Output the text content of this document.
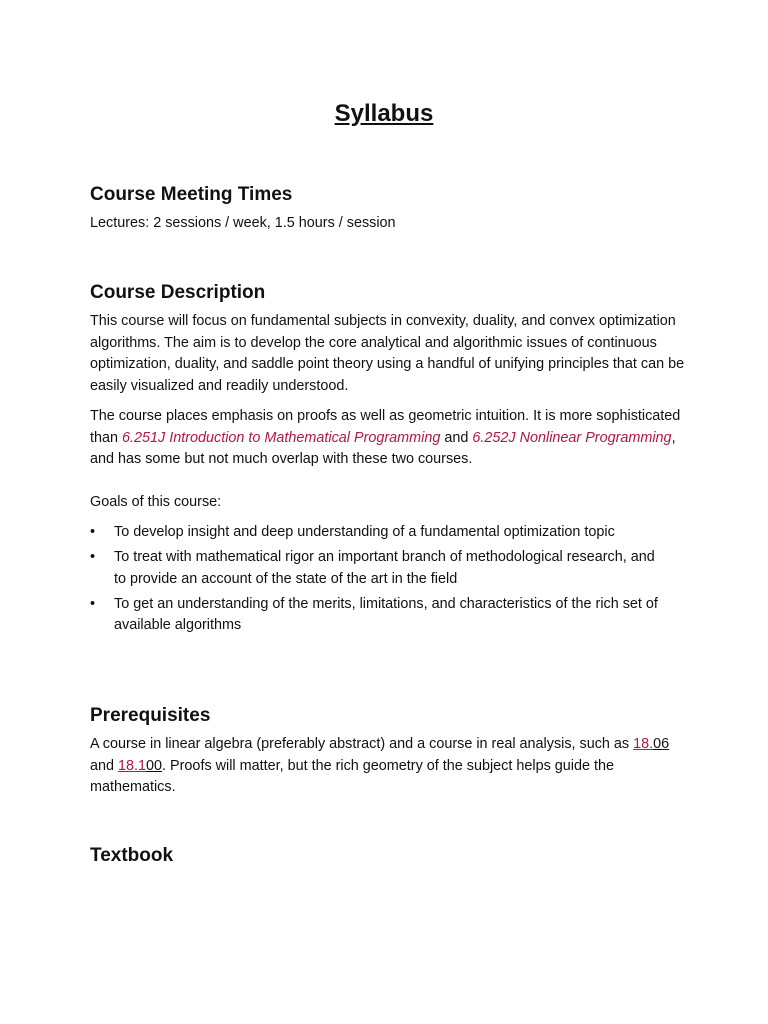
Syllabus
Course Meeting Times

Lectures: 2 sessions / week, 1.5 hours / session

Course Description

This course will focus on fundamental subjects in convexity, duality, and convex optimization algorithms. The aim is to develop the core analytical and algorithmic issues of continuous optimization, duality, and saddle point theory using a handful of unifying principles that can be easily visualized and readily understood.

The course places emphasis on proofs as well as geometric intuition. It is more sophisticated than 6.251J Introduction to Mathematical Programming and 6.252J Nonlinear Programming, and has some but not much overlap with these two courses.

Goals of this course:

•	To develop insight and deep understanding of a fundamental optimization topic
•	To treat with mathematical rigor an important branch of methodological research, and to provide an account of the state of the art in the field
•	To get an understanding of the merits, limitations, and characteristics of the rich set of available algorithms
Prerequisites

A course in linear algebra (preferably abstract) and a course in real analysis, such as 18.06 and 18.100. Proofs will matter, but the rich geometry of the subject helps guide the mathematics.

Textbook
